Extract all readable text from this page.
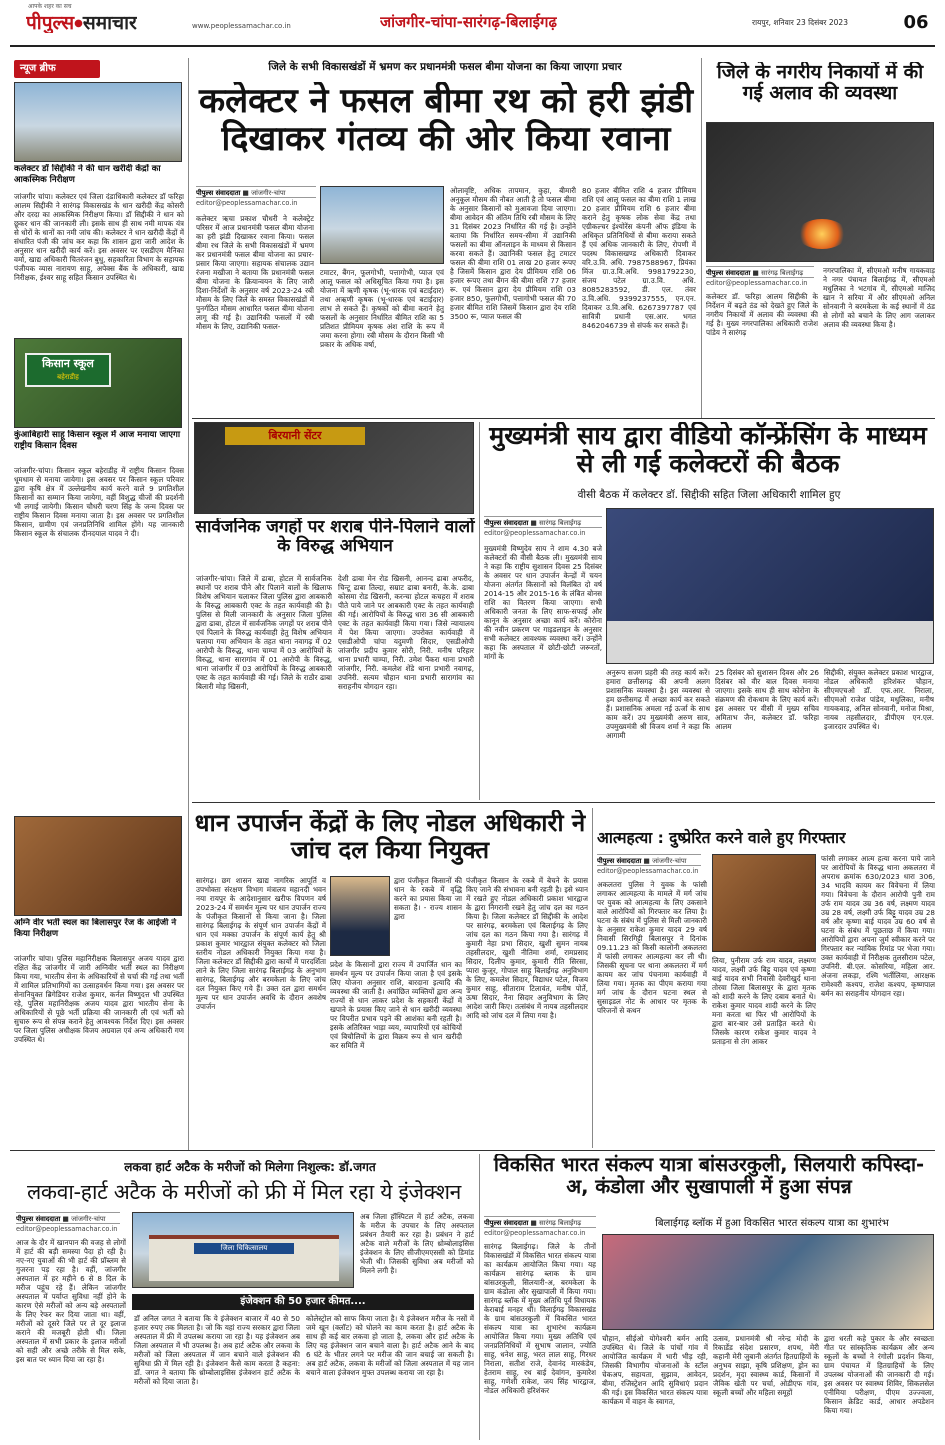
आपके शहर का सच
पीपुल्स●समाचार	www.peoplessamachar.co.in	जांजगीर-चांपा-सारंगढ़-बिलाईगढ़	रायपुर, शनिवार 23 दिसंबर 2023	06
न्यूज ब्रीफ
कलेक्टर डॉ सिद्दीकी ने की धान खरीदी केंद्रों का आकस्मिक निरीक्षण
जांजगीर चांपा। कलेक्टर एवं जिला दंडाधिकारी कलेक्टर डॉ फरिहा आलम सिद्दीकी ने सारंगढ़ विकासखंड के धान खरीदी केंद्र कोसरी और दरदा का आकस्मिक निरीक्षण किया। डॉ सिद्दीकी ने धान को छूकर धान की जानकारी ली। इसके साथ ही साथ नमी मापक यंत्र से धोरों के धानों का नमी जांच की। कलेक्टर ने धान खरीदी केंद्रों में संधारित पंजी की जांच कर कहा कि शासन द्वारा जारी आदेश के अनुसार धान खरीदी कार्य करें। इस अवसर पर एसडीएम मैनिका वर्मा, खाद्य अधिकारी चितरंजन बुधु, सहकारिता विभाग के सहायक पंजीयक व्यास नारायण साहू, अपेक्स बैंक के अधिकारी, खाद्य निरीक्षक, ईश्वर साहू सहित किसान उपस्थित थे।
किसान स्कूल
बहेराडीह
कुंआबिहारी साहू किसान स्कूल में आज मनाया जाएगा राष्ट्रीय किसान दिवस
जांजगीर-चांपा। किसान स्कूल बहेराडीह में राष्ट्रीय किसान दिवस धूमधाम से मनाया जायेगा। इस अवसर पर किसान स्कूल परिवार द्वारा कृषि क्षेत्र में उल्लेखनीय कार्य करने वाले 9 प्रगतिशील किसानों का सम्मान किया जायेगा, वहीं विशुद्ध चीजों की प्रदर्शनी भी लगाई जायेगी। किसान चौधरी चरण सिंह के जन्म दिवस पर राष्ट्रीय किसान दिवस मनाया जाता है। इस अवसर पर प्रगतिशील किसान, ग्रामीण एवं जनप्रतिनिधि शामिल होंगे। यह जानकारी किसान स्कूल के संचालक दीनदयाल यादव ने दी।
अग्नि वीर भर्ती स्थल का बिलासपुर रेंज के आईजी ने किया निरीक्षण
जांजगीर चांपा। पुलिस महानिरीक्षक बिलासपुर अजय यादव द्वारा रक्षित केंद्र जांजगीर में जारी अग्निवीर भर्ती स्थल का निरीक्षण किया गया, भारतीय सेना के अधिकारियों से चर्चा की गई तथा भर्ती में शामिल प्रतिभागियों का उत्साहवर्धन किया गया। इस अवसर पर सेनानियुक्त ब्रिगेडियर राजेश कुमार, कर्नल विष्णुदत्त भी उपस्थित रहे, पुलिस महानिरीक्षक अजय यादव द्वारा भारतीय सेना के अधिकारियों से पूछे भर्ती प्रक्रिया की जानकारी ली एवं भर्ती को सुचारु रूप से संपन्न कराने हेतु आवश्यक निर्देश दिए। इस अवसर पर जिला पुलिस अधीक्षक विजय अग्रवाल एवं अन्य अधिकारी गण उपस्थित थे।
जिले के सभी विकासखंडों में भ्रमण कर प्रधानमंत्री फसल बीमा योजना का किया जाएगा प्रचार
कलेक्टर ने फसल बीमा रथ को हरी झंडी दिखाकर गंतव्य की ओर किया रवाना
पीपुल्स संवाददाता ■ जांजगीर-चांपा
editor@peoplessamachar.co.in
कलेक्टर ऋचा प्रकाश चौधरी ने कलेक्ट्रेट परिसर में आज प्रधानमंत्री फसल बीमा योजना का हरी झंडी दिखाकर रवाना किया। फसल बीमा रथ जिले के सभी विकासखंडों में भ्रमण कर प्रधानमंत्री फसल बीमा योजना का प्रचार-प्रसार किया जाएगा। सहायक संचालक उद्यान रंजना मखीजा ने बताया कि प्रधानमंत्री फसल बीमा योजना के क्रियान्वयन के लिए जारी दिशा-निर्देशों के अनुसार वर्ष 2023-24 रबी मौसम के लिए जिले के समस्त विकासखंडों में पुनर्गठित मौसम आधारित फसल बीमा योजना लागू की गई है। उद्यानिकी फसलों में रबी मौसम के लिए, उद्यानिकी फसल-
टमाटर, बैंगन, फूलगोभी, पत्तागोभी, प्याज एवं आलू फसल को अधिसूचित किया गया है। इस योजना में ऋणी कृषक (भू-धारक एवं बटाईदार) तथा अऋणी कृषक (भू-धारक एवं बटाईदार) लाभ ले सकते हैं। कृषकों को बीमा कराने हेतु फसलों के अनुसार निर्धारित बीमित राशि का 5 प्रतिशत प्रीमियम कृषक अंश राशि के रूप में जमा करना होगा। रबी मौसम के दौरान किसी भी प्रकार के अधिक वर्षा,
ओलावृष्टि, अधिक तापमान, कुहा, बीमारी अनुकूल मौसम की नौबत आती है तो फसल बीमा के अनुसार किसानों को मुआवजा दिया जाएगा। बीमा आवेदन की अंतिम तिथि रबी मौसम के लिए 31 दिसंबर 2023 निर्धारित की गई है। उन्होंने बताया कि निर्धारित समय-सीमा में उद्यानिकी फसलों का बीमा ऑनलाइन के माध्यम से किसान करवा सकते हैं। उद्यानिकी फसल हेतु टमाटर फसल की बीमा राशि 01 लाख 20 हजार रूपए है जिसमें किसान द्वारा देय प्रीमियम राशि 06 हजार रूपए तथा बैंगन की बीमा राशि 77 हजार रू. एवं किसान द्वारा देय प्रीमियम राशि 03 हजार 850, फूलगोभी, पत्तागोभी फसल की 70 हजार बीमित राशि जिसमें किसान द्वारा देय राशि 3500 रू, प्याज फसल की
80 हजार बीमित राशि 4 हजार प्रीमियम राशि एवं आलू फसल का बीमा राशि 1 लाख 20 हजार प्रीमियम राशि 6 हजार बीमा कराने हेतु कृषक लोक सेवा केंद्र तथा एग्रीकल्चर इंश्योरेंस कंपनी ऑफ इंडिया के अधिकृत प्रतिनिधियों से बीमा कराया सकते हैं एवं अधिक जानकारी के लिए, रोपणी में पदस्थ विकासखण्ड अधिकारी दिवाकर वरि.उ.वि. अधि. 7987588967, प्रियंका मिंज ग्रा.उ.वि.अधि. 9981792230, संजय पटेल ग्रा.उ.वि. अधि. 8085283592, डी. एल. तंवर उ.वि.अधि. 9399237555, एन.एन. दिवाकर उ.वि.अधि. 6267397787 एवं सावित्री प्रधानी एस.आर. भगत 8462046739 से संपर्क कर सकते हैं।
जिले के नगरीय निकायों में की गई अलाव की व्यवस्था
पीपुल्स संवाददाता ■ सारंगढ़ बिलाईगढ़
editor@peoplessamachar.co.in
कलेक्टर डॉ. फरिहा आलम सिद्दीकी के निर्देशन में बढ़ते ठंड को देखते हुए जिले के नगरीय निकायों में अलाव की व्यवस्था की गई है। मुख्य नगरपालिका अधिकारी राजेश पांडेय ने सारंगढ़
नगरपालिका में, सीएमओ मनीष गायकवाड़ ने नगर पंचायत बिलाईगढ़ में, सीएमओ मधुलिका ने भटगांव में, सीएमओ माजिद खान ने सरिया में और सीएमओ अनिल सोनवानी ने बरमकेला के कई स्थानों में ठंड से लोगों को बचाने के लिए आग जलाकर अलाव की व्यवस्था किया है।
बिरयानी सेंटर
सार्वजनिक जगहों पर शराब पीने-पिलाने वालों के विरुद्ध अभियान
जांजगीर-चांपा। जिले में ढाबा, होटल में सार्वजनिक स्थानों पर शराब पीने और पिलाने वालों के खिलाफ विशेष अभियान चलाकर जिला पुलिस द्वारा आबकारी के विरुद्ध आबकारी एक्ट के तहत कार्यवाही की है। पुलिस से मिली जानकारी के अनुसार जिला पुलिस द्वारा ढाबा, होटल में सार्वजनिक जगहों पर शराब पीने एवं पिलाने के विरुद्ध कार्यवाही हेतु विशेष अभियान चलाया गया अभियान के तहत थाना नवागढ़ में 02 आरोपी के विरुद्ध, थाना चाम्पा में 03 आरोपियों के विरुद्ध, थाना सारागांव में 01 आरोपी के विरुद्ध, थाना जांजगीर में 03 आरोपियों के विरुद्ध आबकारी एक्ट के तहत कार्यवाही की गई। जिले के राठौर ढाबा बिलारी मोड़ खिसनी,
देशी ढाबा मेन रोड खिसनी, आनन्द ढाबा अफरीद, चिन्टू ढाबा तिल्दा, सम्राट ढाबा बनारी, के.के. ढाबा कोसमा रोड खिसनी, करन्चा होटल कचहरा में शराब पीते पाये जाने पर आबकारी एक्ट के तहत कार्यवाही की गई। आरोपियों के विरुद्ध धारा 36 सी आबकारी एक्ट के तहत कार्यवाही किया गया। जिसे न्यायालय में पेश किया जाएगा। उपरोक्त कार्यवाही में एसडीओपी चांपा यदुमणी सिदार, एसडीओपी जांजगीर प्रदीप कुमार सोरी, निरी. मनीष परिहार थाना प्रभारी चाम्पा, निरी. उमेश पैंकरा थाना प्रभारी जांजगीर, निरी. कमलेश शेंडे थाना प्रभारी नवागढ़, उपनिरी. सत्यम चौहान थाना प्रभारी सारागांव का सराहनीय योगदान रहा।
मुख्यमंत्री साय द्वारा वीडियो कॉन्फ्रेंसिंग के माध्यम से ली गई कलेक्टरों की बैठक
वीसी बैठक में कलेक्टर डॉ. सिद्दीकी सहित जिला अधिकारी शामिल हुए
पीपुल्स संवाददाता ■ सारंगढ़ बिलाईगढ़
editor@peoplessamachar.co.in
मुख्यमंत्री विष्णुदेव साय ने शाम 4.30 बजे कलेक्टरों की वीसी बैठक ली। मुख्यमंत्री साय ने कहा कि राष्ट्रीय सुशासन दिवस 25 दिसंबर के अवसर पर धान उपार्जन केन्द्रों में चयन योजना अंतर्गत किसानों को विलंबित दो वर्ष 2014-15 और 2015-16 के लंबित बोनस राशि का वितरण किया जाएगा। सभी अधिकारी जनता के लिए साफ-सफाई और कानून के अनुसार अच्छा कार्य करें। कोरोना की नवीन प्रकरण पर गाइडलाइन के अनुसार सभी कलेक्टर आवश्यक व्यवस्था करें। उन्होंने कहा कि अस्पताल में छोटी-छोटी जरूरतों, मांगों के
अनुरूप सजग प्रहरी की तरह कार्य करें। हमारा छत्तीसगढ़ की अपनी अलग प्रशासनिक व्यवस्था है। इस व्यवस्था से हम छत्तीसगढ़ में अच्छा कार्य कर सकते हैं। प्रशासनिक अमला नई ऊर्जा के साथ काम करें। उप मुख्यमंत्री अरुण साव, उपमुख्यमंत्री श्री विजय शर्मा ने कहा कि आगामी
25 दिसंबर को सुशासन दिवस और 26 दिसंबर को वीर बाल दिवस मनाया जाएगा। इसके साथ ही साथ कोरोना के संक्रमण की रोकथाम के लिए कार्य करें। इस अवसर पर वीसी में मुख्य सचिव अमिताभ जैन, कलेक्टर डॉ. फरिहा आलम
सिद्दीकी, संयुक्त कलेक्टर प्रकाश भारद्वाज, नोडल अधिकारी हरिशंकर चौहान, सीएमएचओ डॉ. एफ.आर. निराला, सीएमओ राजेश पांडेय, मधुलिका, मनीष गायकवाड़, अनिल सोनवानी, मनोज मिश्रा, नायब तहसीलदार, डीपीएम एन.एल. इजारदार उपस्थित थे।
धान उपार्जन केंद्रों के लिए नोडल अधिकारी ने जांच दल किया नियुक्त
सारंगढ़। छग शासन खाद्य नागरिक आपूर्ति व उपभोक्ता संरक्षण विभाग मंत्रालय महानदी भवन नया रायपुर के आदेशानुसार खरीफ विपणन वर्ष 2023-24 में समर्थन मूल्य पर धान उपार्जन राज्य के पंजीकृत किसानों से किया जाना है। जिला सारंगढ़ बिलाईगढ़ के संपूर्ण धान उपार्जन केंद्रों में धान एवं मक्का उपार्जन के संपूर्ण कार्य हेतु श्री प्रकाश कुमार भारद्वाज संयुक्त कलेक्टर को जिला स्तरीय नोडल अधिकारी नियुक्त किया गया है। जिला कलेक्टर डॉ सिद्दीकी द्वारा कार्यों में पारदर्शिता लाने के लिए जिला सारंगढ़ बिलाईगढ़ के अनुभाग सारंगढ़, बिलाईगढ़ और बरमकेला के लिए जांच दल नियुक्त किए गये हैं। उक्त दल द्वारा समर्थन मूल्य पर धान उपार्जन अवधि के दौरान अवशेष उपार्जन
द्वारा पंजीकृत किसानों की धान के रकबे में वृद्धि करने का प्रयास किया जा सकता है। - राज्य शासन द्वारा
प्रदेश के किसानों द्वारा राज्य में उपार्जित धान का समर्थन मूल्य पर उपार्जन किया जाता है एवं इसके लिए योजना अनुसार राशि, बारदाना इत्यादि की व्यवस्था की जाती है। अवांछित व्यक्तियों द्वारा अन्य राज्यों से धान लाकर प्रदेश के सहकारी केंद्रों में खपाने के प्रयास किए जाने से धान खरीदी व्यवस्था पर विपरीत प्रभाव पड़ने की आशंका बनी रहती है। इसके अतिरिक्त भाड़ा व्यय, व्यापारियों एवं कोचियों एवं बिचौलियों के द्वारा विक्रय रूप से धान खरीदी कर समिति में
पंजीकृत किसान के रकबे में बेचने के प्रयास किए जाने की संभावना बनी रहती है। इसे ध्यान में रखते हुए नोडल अधिकारी प्रकाश भारद्वाज के द्वारा निगरानी रखने हेतु जांच दल का गठन किया है। जिला कलेक्टर डॉ सिद्दीकी के आदेश पर सारंगढ़, बरमकेला एवं बिलाईगढ़ के लिए जांच दल का गठन किया गया है। सारंगढ़ में कुमारी नेहा प्रभा सिदार, खुशी सुमन नायब तहसीलदार, खुशी नीतिमा शर्मा, रामप्रसाद सिदार, दिलीप कुमार, कुमारी रीति सिरसा, प्यारा कुजूर, गोपाल साहू बिलाईगढ़ अनुविभाग के लिए, कमलेश सिदार, विद्याधर पटेल, विजय कुमार साहू, सीताराम टिलावंत, मनीष पोर्ते, ऊषा सिदार, नैना सिदार अनुविभाग के लिए आदेश जारी किए। तत्संबंध में नायब तहसीलदार आदि को जांच दल में लिया गया है।
आत्महत्या : दुष्प्रेरित करने वाले हुए गिरफ्तार
पीपुल्स संवाददाता ■ जांजगीर-चांपा
editor@peoplessamachar.co.in
अकलतरा पुलिस ने युवक के फांसी लगाकर आत्महत्या के मामले में मर्ग जांच पर युवक को आत्महत्या के लिए उकसाने वाले आरोपियों को गिरफ्तार कर लिया है। घटना के संबंध में पुलिस से मिली जानकारी के अनुसार राकेश कुमार यादव 29 वर्ष निवासी सिरगिट्टी बिलासपुर ने दिनांक 09.11.23 को किसी कालोनी अकलतरा में फांसी लगाकर आत्महत्या कर ली थी। जिसकी सूचना पर थाना अकलतरा में मर्ग कायम कर जांच पंचनामा कार्यवाही में लिया गया। मृतक का पीएम कराया गया मर्ग जांच के दौरान घटना स्थल से सुसाइडल नोट के आधार पर मृतक के परिजनों से कथन
लिया, पुनीराम उर्फ राम यादव, लक्ष्मण यादव, लक्ष्मी उर्फ बिट्टू यादव एवं कृष्णा बाई यादव सभी निवासी देवरीखुर्द थाना तोरवा जिला बिलासपुर के द्वारा मृतक को शादी करने के लिए दबाव बनाते थे। राकेश कुमार यादव शादी करने के लिए मना करता था फिर भी आरोपियों के द्वारा बार-बार उसे प्रताड़ित करते थे। जिसके कारण राकेश कुमार यादव ने प्रताड़ना से तंग आकर
फांसी लगाकर आत्म हत्या करना पाये जाने पर आरोपियों के विरुद्ध थाना अकलतरा में अपराध क्रमांक 630/2023 धारा 306, 34 भादवि कायम कर विवेचना में लिया गया। विवेचना के दौरान आरोपी पुनी राम उर्फ राम यादव उम्र 36 वर्ष, लक्ष्मण यादव उम्र 28 वर्ष, लक्ष्मी उर्फ बिट्टू यादव उम्र 28 वर्ष और कृष्णा बाई यादव उम्र 60 वर्ष से घटना के संबंध में पूछताछ में किया गया। आरोपियों द्वारा अपना जुर्म स्वीकार करने पर गिरफ्तार कर न्यायिक रिमांड पर भेजा गया। उक्त कार्यवाही में निरीक्षक तुलसीराम पटेल, उपनिरी. बी.एल. कोसरिया, महिला आर. अंजना लकड़ा, रश्मि भर्तीलिया, आरक्षक रामेश्वरी कश्यप, राजेश कश्यप, कृष्णपाल बर्मन का सराहनीय योगदान रहा।
लकवा हार्ट अटैक के मरीजों को मिलेगा निशुल्क: डॉ.जगत
लकवा-हार्ट अटैक के मरीजों को फ्री में मिल रहा ये इंजेक्शन
पीपुल्स संवाददाता ■ जांजगीर-चांपा
editor@peoplessamachar.co.in
आज के दौर में खानपान की वजह से लोगों में हार्ट की बड़ी समस्या पैदा हो रही है। नए-नए युवाओं की भी हार्ट की प्रॉब्लम से गुजरना पड़ रहा है। वहीं, जांजगीर अस्पताल में हर महीने 6 से 8 दिल के मरीज पहुंच रहे हैं। लेकिन जांजगीर अस्पताल में पर्याप्त सुविधा नहीं होने के कारण ऐसे मरीजों को अन्य बड़े अस्पतालों के लिए रेफर कर दिया जाता था। वहीं, मरीजों को दूसरे जिले पर ले दूर इलाज कराने की मजबूरी होती थी। जिला अस्पताल में सभी प्रकार के इलाज मरीजों को सही और अच्छे तरीके से मिल सके, इस बात पर ध्यान दिया जा रहा है।
जिला चिकित्सालय
अब जिला हॉस्पिटल में हार्ट अटैक, लकवा के मरीज के उपचार के लिए अस्पताल प्रबंधन तैयारी कर रहा है। प्रबंधन ने हार्ट अटैक वाले मरीजों के लिए थ्रोम्बोलाइसिस इंजेक्शन के लिए सीजीएमएससी को डिमांड भेजी थी। जिसकी सुविधा अब मरीजों को मिलने लगी है।
इंजेक्शन की 50 हजार कीमत....
डॉ अनिल जगत ने बताया कि ये इंजेक्शन बाजार में 40 से 50 हजार रुपए तक मिलता है। जो कि यहां राज्य सरकार द्वारा जिला अस्पताल में फ्री में उपलब्ध कराया जा रहा है। यह इंजेक्शन अब जिला अस्पताल में भी उपलब्ध है। अब हार्ट अटैक और लकवा के मरीजों को जिला अस्पताल में जान बचाने वाले इंजेक्शन की सुविधा फ्री में मिल रही है। इंजेक्शन कैसे काम करता है कहना: डॉ. जगत ने बताया कि थ्रोम्बोलाइसिस इंजेक्शन हार्ट अटैक के मरीजों को दिया जाता है।
कोलेस्ट्रोल को साफ किया जाता है। ये इंजेक्शन मरीज के नसों में जमे खून (क्लॉट) को घोलने का काम करता है। हार्ट अटैक के साथ ही कई बार लकवा हो जाता है, लकवा और हार्ट अटैक के लिए यह इंजेक्शन जान बचाने वाला है। हार्ट अटैक आने के बाद 6 घंटे के भीतर लगने पर मरीज की जान बचाई जा सकती है। अब हार्ट अटैक, लकवा के मरीजों को जिला अस्पताल में यह जान बचाने वाला इंजेक्शन मुफ्त उपलब्ध कराया जा रहा है।
विकसित भारत संकल्प यात्रा बांसउरकुली, सिलयारी कपिस्दा-अ, कंडोला और सुखापाली में हुआ संपन्न
बिलाईगढ़ ब्लॉक में हुआ विकसित भारत संकल्प यात्रा का शुभारंभ
पीपुल्स संवाददाता ■ सारंगढ़ बिलाईगढ़
editor@peoplessamachar.co.in
सारंगढ़ बिलाईगढ़। जिले के तीनों विकासखंडों में विकसित भारत संकल्प यात्रा का कार्यक्रम आयोजित किया गया। यह कार्यक्रम सारंगढ़ ब्लाक के ग्राम बांसउरकुली, सिलयारी-अ, बरमकेला के ग्राम कंडोला और सुखापाली में किया गया। सारंगढ़ ब्लॉक में मुख्य अतिथि पूर्व विधायक केराबाई मनहर थीं। विलाईगढ़ विकासखंड के ग्राम बांसउरकुली में विकसित भारत संकल्प यात्रा का शुभारंभ कार्यक्रम आयोजित किया गया। मुख्य अतिथि एवं जनप्रतिनिधियों में सुभाष जालान, ज्योति साहू, धनेश साहू, भरत लाल साहू, गिरधर निराला, सतीश राजे, देवानंद मारकंडेय, हेतराम साहू, रथ बाई देवांगन, कुमारेश साहू, गणेशी राकेश, जय सिंह भारद्वाज, नोडल अधिकारी हरिशंकर
चौहान, सीईओ योगेश्वरी बर्मन आदि उपस्थित थे। जिले के पांचों गांव में आयोजित कार्यक्रम में भारी भीड़ रही, जिसकी विभागीय योजनाओं के स्टॉल चेकअप, सहायता, सुझाव, आवेदन, बीमा, रजिस्ट्रेशन आदि सुविधाएं प्रदान की गई। इस विकसित भारत संकल्प यात्रा कार्यक्रम में वाहन के स्वागत,
उत्सव, प्रधानमंत्री श्री नरेन्द्र मोदी के रिकार्डेड संदेश प्रसारण, शपथ, मेरी कहानी मेरी जुबानी अंतर्गत हितग्राहियों के अनुभव साझा, कृषि प्रशिक्षण, ड्रोन का प्रदर्शन, मृदा स्वास्थ्य कार्ड, किसानों में जैविक खेती पर चर्चा, ओडीएफ गांव, स्कूली बच्चों और महिला समूहों
द्वारा धरती कहे पुकार के और स्वच्छता गीत पर सांस्कृतिक कार्यक्रम और अन्य स्कूलों के बच्चों ने रंगोली प्रदर्शन किया, ग्राम पंचायत में हितग्राहियों के लिए उपलब्ध योजनाओं की जानकारी दी गई। इस अवसर पर स्वास्थ्य शिविर, सिकलसेल एनीमिया परीक्षण, पीएम उज्ज्वला, किसान क्रेडिट कार्ड, आधार अपडेशन किया गया।
